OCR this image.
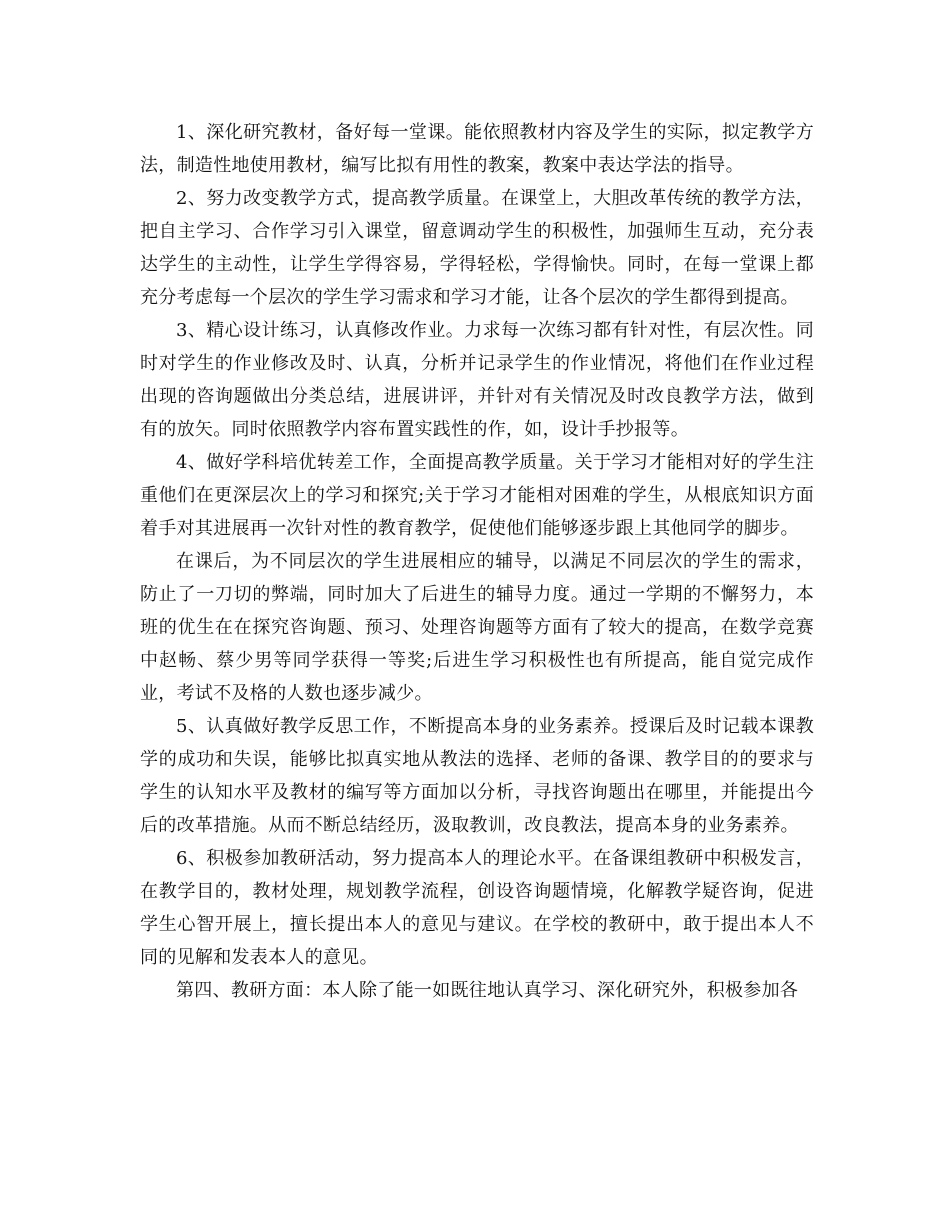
1、深化研究教材，备好每一堂课。能依照教材内容及学生的实际，拟定教学方法，制造性地使用教材，编写比拟有用性的教案，教案中表达学法的指导。

2、努力改变教学方式，提高教学质量。在课堂上，大胆改革传统的教学方法，把自主学习、合作学习引入课堂，留意调动学生的积极性，加强师生互动，充分表达学生的主动性，让学生学得容易，学得轻松，学得愉快。同时，在每一堂课上都充分考虑每一个层次的学生学习需求和学习才能，让各个层次的学生都得到提高。

3、精心设计练习，认真修改作业。力求每一次练习都有针对性，有层次性。同时对学生的作业修改及时、认真，分析并记录学生的作业情况，将他们在作业过程出现的咨询题做出分类总结，进展讲评，并针对有关情况及时改良教学方法，做到有的放矢。同时依照教学内容布置实践性的作，如，设计手抄报等。

4、做好学科培优转差工作，全面提高教学质量。关于学习才能相对好的学生注重他们在更深层次上的学习和探究;关于学习才能相对困难的学生，从根底知识方面着手对其进展再一次针对性的教育教学，促使他们能够逐步跟上其他同学的脚步。

在课后，为不同层次的学生进展相应的辅导，以满足不同层次的学生的需求，防止了一刀切的弊端，同时加大了后进生的辅导力度。通过一学期的不懈努力，本班的优生在在探究咨询题、预习、处理咨询题等方面有了较大的提高，在数学竞赛中赵畅、蔡少男等同学获得一等奖;后进生学习积极性也有所提高，能自觉完成作业，考试不及格的人数也逐步减少。

5、认真做好教学反思工作，不断提高本身的业务素养。授课后及时记载本课教学的成功和失误，能够比拟真实地从教法的选择、老师的备课、教学目的的要求与学生的认知水平及教材的编写等方面加以分析，寻找咨询题出在哪里，并能提出今后的改革措施。从而不断总结经历，汲取教训，改良教法，提高本身的业务素养。

6、积极参加教研活动，努力提高本人的理论水平。在备课组教研中积极发言，在教学目的，教材处理，规划教学流程，创设咨询题情境，化解教学疑咨询，促进学生心智开展上，擅长提出本人的意见与建议。在学校的教研中，敢于提出本人不同的见解和发表本人的意见。

第四、教研方面：本人除了能一如既往地认真学习、深化研究外，积极参加各
